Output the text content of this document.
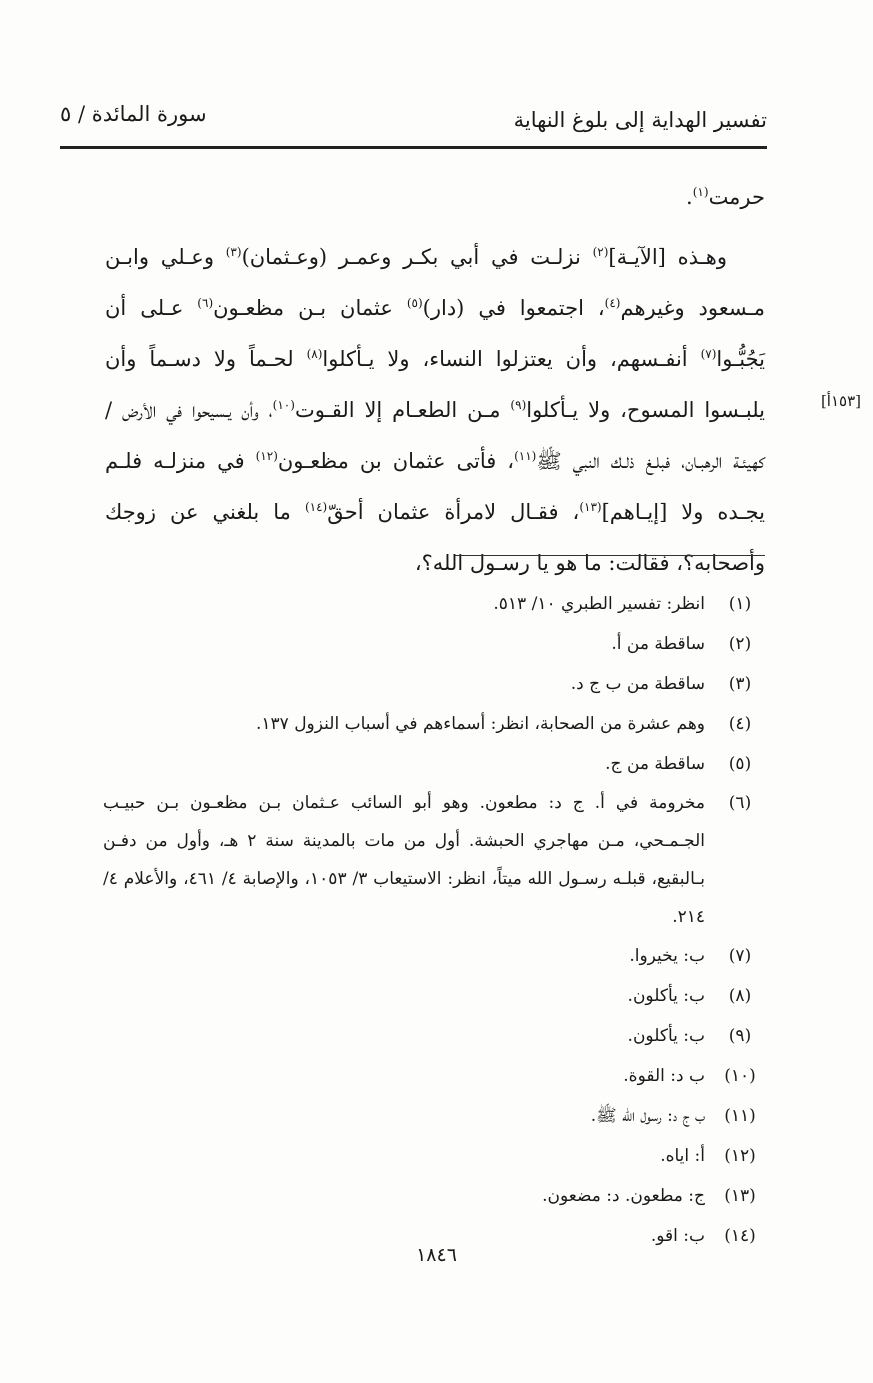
تفسير الهداية إلى بلوغ النهاية
سورة المائدة / ٥

حرمت$^{(١)}$.

وهـذه [الآيـة]$^{(٢)}$ نزلـت في أبي بكـر وعمـر (وعـثمان)$^{(٣)}$ وعـلي وابـن مـسعود وغيرهم$^{(٤)}$، اجتمعوا في (دار)$^{(٥)}$ عثمان بـن مظعـون$^{(٦)}$ عـلى أن يَجُبُّـوا$^{(٧)}$ أنفـسهم، وأن يعتزلوا النساء، ولا يـأكلوا$^{(٨)}$ لحـماً ولا دسـماً وأن يلبـسوا المسوح، ولا يـأكلوا$^{(٩)}$ مـن الطعـام إلا القـوت$^{(١٠)}$، وأن يـسيحوا في الأرض / كهيئـة الرهبـان، فبلـغ ذلـك النبي ﷺ$^{(١١)}$، فأتى عثمان بن مظعـون$^{(١٢)}$ في منزلـه فلـم يجـده ولا [إيـاهم]$^{(١٣)}$، فقـال لامرأة عثمان أحقّ$^{(١٤)}$ ما بلغني عن زوجك وأصحابه؟، فقالت: ما هو يا رسـول الله؟،

[١٥٣أ]
(١)
انظر: تفسير الطبري ١٠/ ٥١٣.
(٢)
ساقطة من أ.
(٣)
ساقطة من ب ج د.
(٤)
وهم عشرة من الصحابة، انظر: أسماءهم في أسباب النزول ١٣٧.
(٥)
ساقطة من ج.
(٦)
مخرومة في أ. ج د: مطعون. وهو أبو السائب عـثمان بـن مظعـون بـن حبيـب الجـمـحي، مـن مهاجري الحبشة. أول من مات بالمدينة سنة ٢ هـ، وأول من دفـن بـالبقيع، قبلـه رسـول الله ميتاً، انظر: الاستيعاب ٣/ ١٠٥٣، والإصابة ٤/ ٤٦١، والأعلام ٤/ ٢١٤.
(٧)
ب: يخيروا.
(٨)
ب: يأكلون.
(٩)
ب: يأكلون.
(١٠)
ب د: القوة.
(١١)
ب ج د: رسول الله ﷺ.
(١٢)
أ: اياه.
(١٣)
ج: مطعون. د: مضعون.
(١٤)
ب: اقو.
١٨٤٦
